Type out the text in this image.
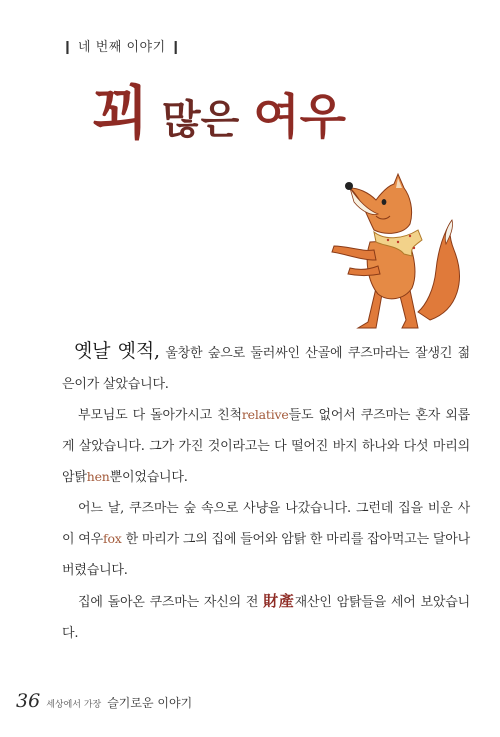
❙ 네 번째 이야기 ❙
꾀 많은 여우

옛날 옛적, 울창한 숲으로 둘러싸인 산골에 쿠즈마라는 잘생긴 젊은이가 살았습니다.

부모님도 다 돌아가시고 친척relative들도 없어서 쿠즈마는 혼자 외롭게 살았습니다. 그가 가진 것이라고는 다 떨어진 바지 하나와 다섯 마리의 암탉hen뿐이었습니다.

어느 날, 쿠즈마는 숲 속으로 사냥을 나갔습니다. 그런데 집을 비운 사이 여우fox 한 마리가 그의 집에 들어와 암탉 한 마리를 잡아먹고는 달아나 버렸습니다.

집에 돌아온 쿠즈마는 자신의 전 財產재산인 암탉들을 세어 보았습니다.

36 세상에서 가장 슬기로운 이야기
